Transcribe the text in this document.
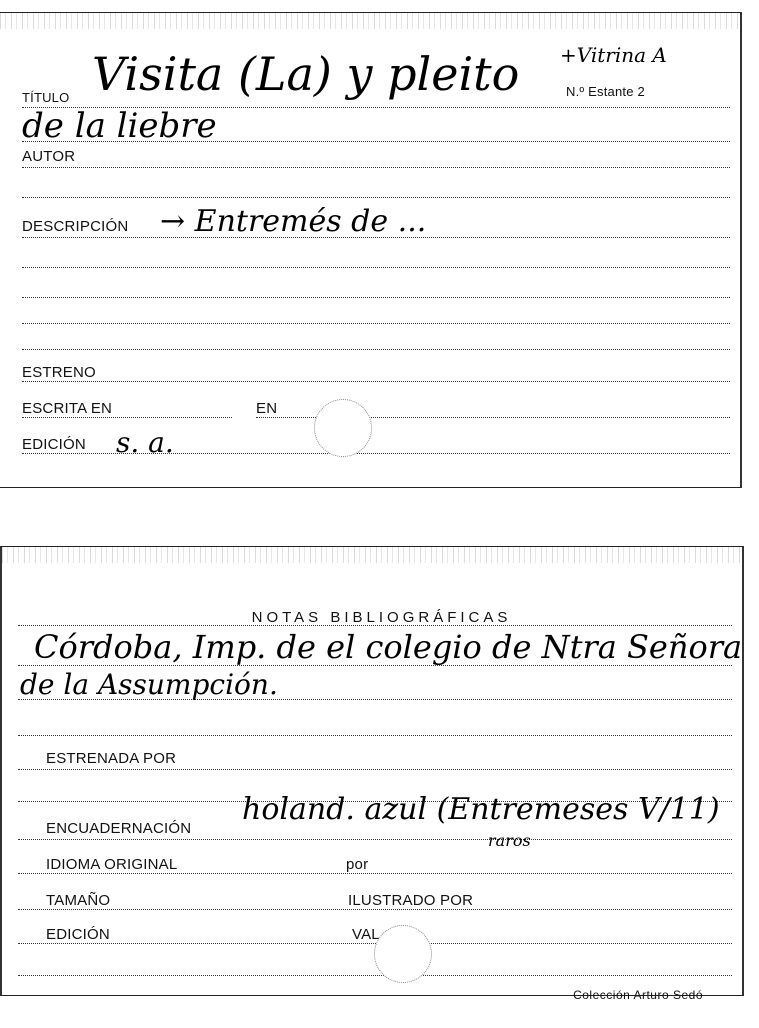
TÍTULO Visita (La) y pleito +Vitrina A
N.º Estante 2
de la liebre
AUTOR
DESCRIPCIÓN → Entremés de ...
ESTRENO
ESCRITA EN	EN
EDICIÓN s. a.
NOTAS BIBLIOGRÁFICAS
Córdoba, Imp. de el colegio de Ntra Señora
de la Assumpción.
ESTRENADA POR
ENCUADERNACIÓN
holand. azul (Entremeses V/11)
raros
IDIOMA ORIGINAL	por
TAMAÑO	ILUSTRADO POR
EDICIÓN	VAL
Colección Arturo Sedó
